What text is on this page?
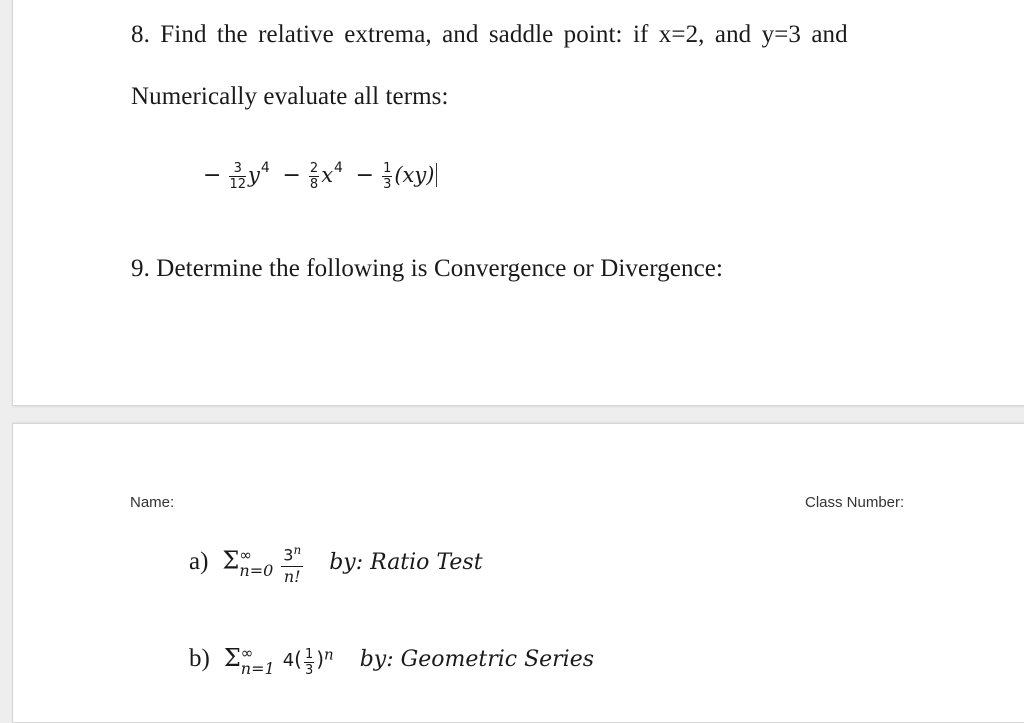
8. Find the relative extrema, and saddle point: if x=2, and y=3 and
Numerically evaluate all terms:
− $\frac{3}{12} y^4 - \frac{2}{8} x^4 - \frac{1}{3} (xy)$
9. Determine the following is Convergence or Divergence:
Name:	Class Number:
a) Σ ∞
$n=0 \frac{3^n}{n!}$ by: Ratio Test
b) Σ ∞
n=1 $4( \frac{1}{3} )^n$ by: Geometric Series
